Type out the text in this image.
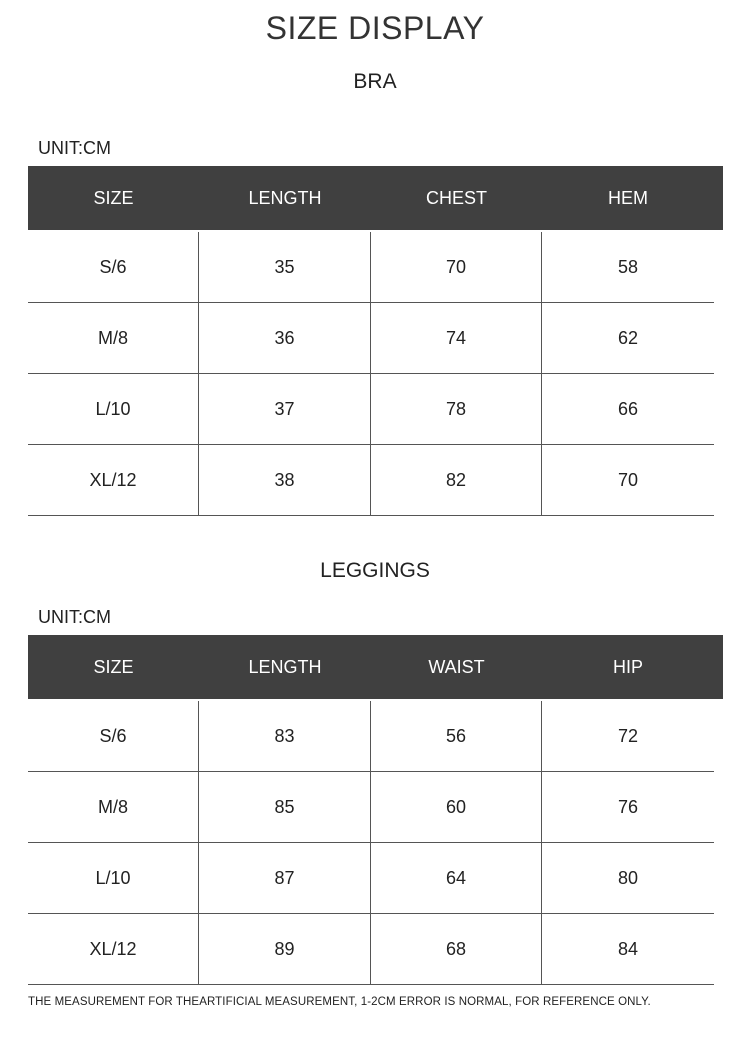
SIZE DISPLAY
BRA
UNIT:CM
SIZE	LENGTH	CHEST	HEM
S/6	35	70	58
M/8	36	74	62
L/10	37	78	66
XL/12	38	82	70
LEGGINGS
UNIT:CM
SIZE	LENGTH	WAIST	HIP
S/6	83	56	72
M/8	85	60	76
L/10	87	64	80
XL/12	89	68	84
THE MEASUREMENT FOR THEARTIFICIAL MEASUREMENT, 1-2CM ERROR IS NORMAL, FOR REFERENCE ONLY.
